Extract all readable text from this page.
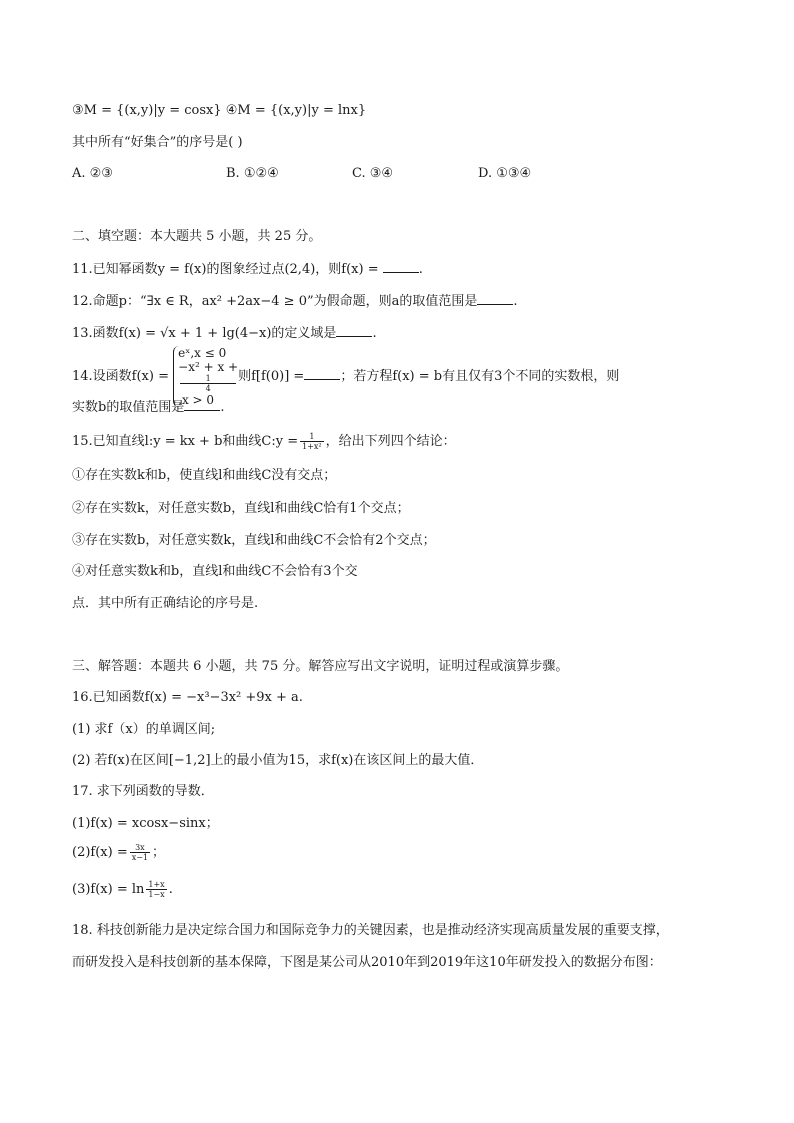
③M = {(x,y)|y = cosx} ④M = {(x,y)|y = lnx}
其中所有“好集合”的序号是( )
A. ②③	B. ①②④	C. ③④	D. ①③④
二、填空题：本大题共 5 小题，共 25 分。
11.已知幂函数y = f(x)的图象经过点(2,4)，则f(x) =	.
12.命题p：“∃x ∈ R，ax² +2ax−4 ≥ 0”为假命题，则a的取值范围是	.
13.函数f(x) = √x + 1 + lg(4−x)的定义域是	.
14.设函数f(x) =
eˣ,x ≤ 0
−x² + x +
1
4
,x > 0
则f[f(0)] =	；若方程f(x) = b有且仅有3个不同的实数根，则
实数b的取值范围是	.
15.已知直线l:y = kx + b和曲线C:y = $\frac{1}{\text{1+x²}}$ ，给出下列四个结论：
①存在实数k和b，使直线l和曲线C没有交点；
②存在实数k，对任意实数b，直线l和曲线C恰有1个交点；
③存在实数b，对任意实数k，直线l和曲线C不会恰有2个交点；
④对任意实数k和b，直线l和曲线C不会恰有3个交
点．其中所有正确结论的序号是.
三、解答题：本题共 6 小题，共 75 分。解答应写出文字说明，证明过程或演算步骤。
16.已知函数f(x) = −x³−3x² +9x + a.
(1) 求f（x）的单调区间;
(2) 若f(x)在区间[−1,2]上的最小值为15，求f(x)在该区间上的最大值．
17. 求下列函数的导数．
(1)f(x) = xcosx−sinx；
$(2)f(x) = \frac{3x}{x-1}$ ；
$(3)f(x) = \ln \frac{1+x}{1-x}$ .
18. 科技创新能力是决定综合国力和国际竞争力的关键因素，也是推动经济实现高质量发展的重要支撑，
而研发投入是科技创新的基本保障，下图是某公司从2010年到2019年这10年研发投入的数据分布图：
